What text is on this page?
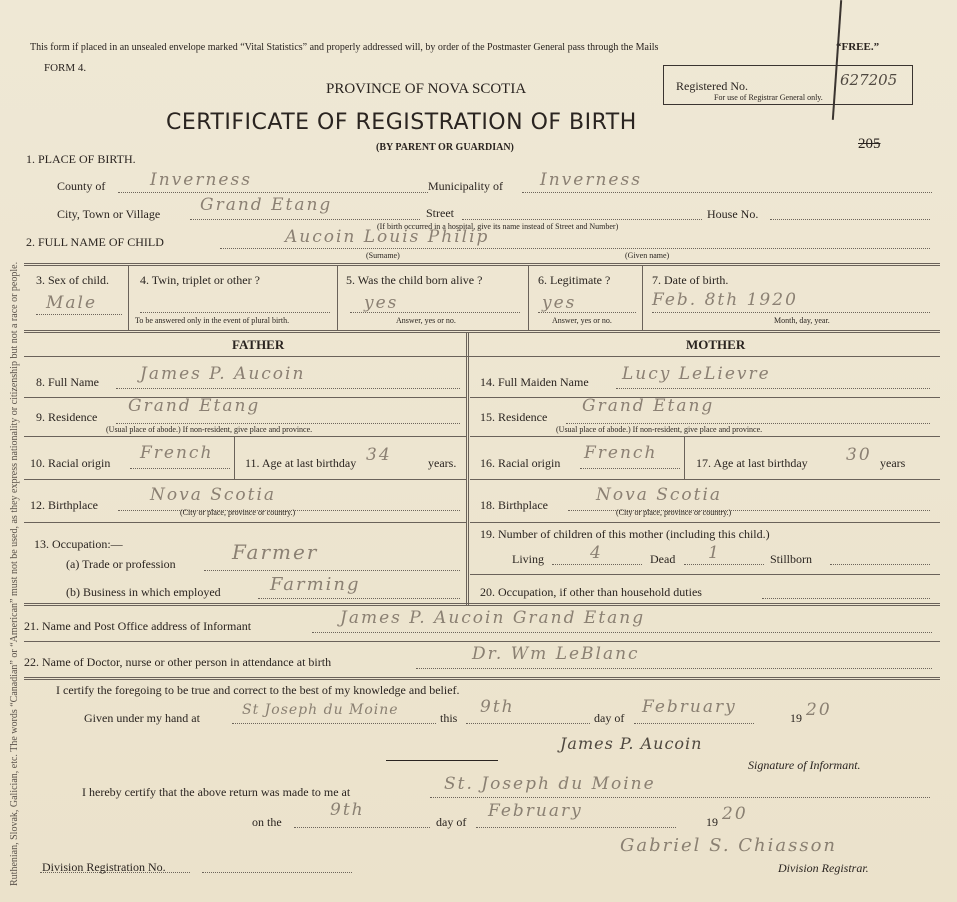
Ruthenian, Slovak, Galician, etc. The words “Canadian” or “American” must not be used, as they express nationality or citizenship but not a race or people.
This form if placed in an unsealed envelope marked “Vital Statistics” and properly addressed will, by order of the Postmaster General pass through the Mails	“FREE.”
FORM 4.
PROVINCE OF NOVA SCOTIA
CERTIFICATE OF REGISTRATION OF BIRTH
(BY PARENT OR GUARDIAN)
Registered No.	627205
For use of Registrar General only.
205
1. PLACE OF BIRTH.
County of	Inverness	Municipality of Inverness
City, Town or Village Grand Etang	Street
(If birth occurred in a hospital, give its name instead of Street and Number)
House No.
2. FULL NAME OF CHILD	Aucoin Louis Philip
(Surname)	(Given name)
3. Sex of child.
Male
4. Twin, triplet or other ?
To be answered only in the event of plural birth.
5. Was the child born alive ?
yes
Answer, yes or no.
6. Legitimate ?
yes
Answer, yes or no.
7. Date of birth.
Feb. 8th 1920
Month, day, year.
FATHER	MOTHER
8. Full Name James P. Aucoin
9. Residence
Grand Etang
(Usual place of abode.) If non-resident, give place and province.
10. Racial origin French	11. Age at last birthday 34	years.
12. Birthplace	Nova Scotia
(City or place, province or country.)
13. Occupation:—
(a) Trade or profession	Farmer
(b) Business in which employed	Farming
14. Full Maiden Name Lucy LeLievre
15. Residence
Grand Etang
(Usual place of abode.) If non-resident, give place and province.
16. Racial origin French	17. Age at last birthday 30 years
18. Birthplace	Nova Scotia
(City or place, province or country.)
19. Number of children of this mother (including this child.)
Living	4	Dead 1	Stillborn
20. Occupation, if other than household duties
21. Name and Post Office address of Informant	James P. Aucoin Grand Etang
22. Name of Doctor, nurse or other person in attendance at birth	Dr. Wm LeBlanc
I certify the foregoing to be true and correct to the best of my knowledge and belief.
Given under my hand at	St Joseph du Moine	this
9th
day of
February
19 20
James P. Aucoin
Signature of Informant.
I hereby certify that the above return was made to me at	St. Joseph du Moine
on the
9th
day of
February
19 20
Gabriel S. Chiasson
Division Registration No.	Division Registrar.
